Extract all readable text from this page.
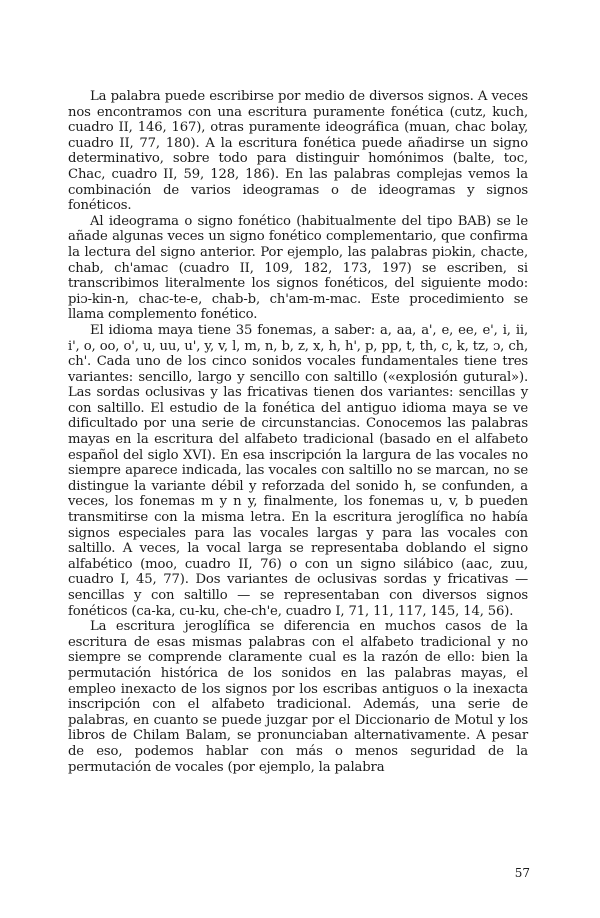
La palabra puede escribirse por medio de diversos signos. A veces nos encontramos con una escritura puramente fonética (cutz, kuch, cuadro II, 146, 167), otras puramente ideográfica (muan, chac bolay, cuadro II, 77, 180). A la escritura fonética puede añadirse un signo determinativo, sobre todo para distinguir homónimos (balte, toc, Chac, cuadro II, 59, 128, 186). En las palabras complejas vemos la combinación de varios ideogramas o de ideogramas y signos fonéticos.

Al ideograma o signo fonético (habitualmente del tipo BAB) se le añade algunas veces un signo fonético complementario, que confirma la lectura del signo anterior. Por ejemplo, las palabras piɔkin, chacte, chab, ch'amac (cuadro II, 109, 182, 173, 197) se escriben, si transcribimos literalmente los signos fonéticos, del siguiente modo: piɔ-kin-n, chac-te-e, chab-b, ch'am-m-mac. Este procedimiento se llama complemento fonético.

El idioma maya tiene 35 fonemas, a saber: a, aa, a', e, ee, e', i, ii, i', o, oo, o', u, uu, u', y, v, l, m, n, b, z, x, h, h', p, pp, t, th, c, k, tz, ɔ, ch, ch'. Cada uno de los cinco sonidos vocales fundamentales tiene tres variantes: sencillo, largo y sencillo con saltillo («explosión gutural»). Las sordas oclusivas y las fricativas tienen dos variantes: sencillas y con saltillo. El estudio de la fonética del antiguo idioma maya se ve dificultado por una serie de circunstancias. Conocemos las palabras mayas en la escritura del alfabeto tradicional (basado en el alfabeto español del siglo XVI). En esa inscripción la largura de las vocales no siempre aparece indicada, las vocales con saltillo no se marcan, no se distingue la variante débil y reforzada del sonido h, se confunden, a veces, los fonemas m y n y, finalmente, los fonemas u, v, b pueden transmitirse con la misma letra. En la escritura jeroglífica no había signos especiales para las vocales largas y para las vocales con saltillo. A veces, la vocal larga se representaba doblando el signo alfabético (moo, cuadro II, 76) o con un signo silábico (aac, zuu, cuadro I, 45, 77). Dos variantes de oclusivas sordas y fricativas — sencillas y con saltillo — se representaban con diversos signos fonéticos (ca-ka, cu-ku, che-ch'e, cuadro I, 71, 11, 117, 145, 14, 56).

La escritura jeroglífica se diferencia en muchos casos de la escritura de esas mismas palabras con el alfabeto tradicional y no siempre se comprende claramente cual es la razón de ello: bien la permutación histórica de los sonidos en las palabras mayas, el empleo inexacto de los signos por los escribas antiguos o la inexacta inscripción con el alfabeto tradicional. Además, una serie de palabras, en cuanto se puede juzgar por el Diccionario de Motul y los libros de Chilam Balam, se pronunciaban alternativamente. A pesar de eso, podemos hablar con más o menos seguridad de la permutación de vocales (por ejemplo, la palabra

57
